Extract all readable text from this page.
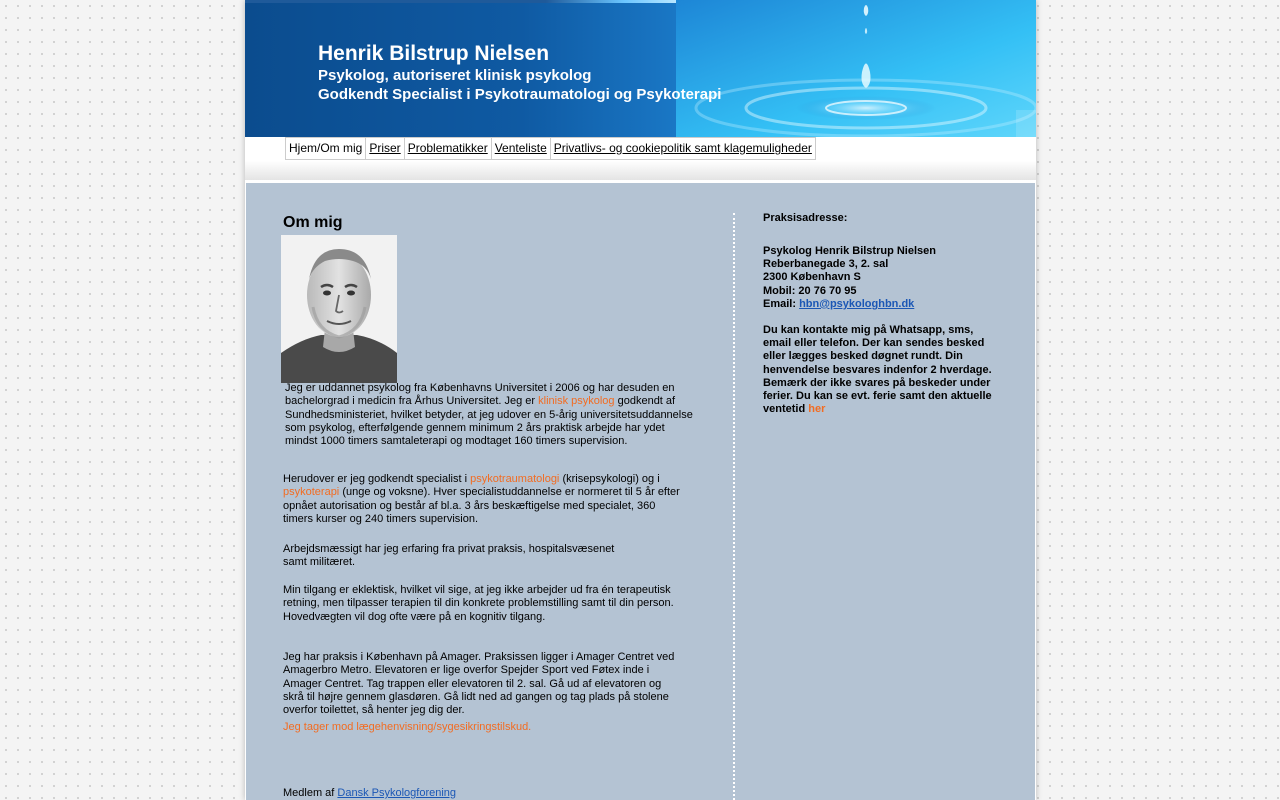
Henrik Bilstrup Nielsen

Psykolog, autoriseret klinisk psykolog

Godkendt Specialist i Psykotraumatologi og Psykoterapi

Hjem/Om mig Priser Problematikker Venteliste Privatlivs- og cookiepolitik samt klagemuligheder
Om mig

Jeg er uddannet psykolog fra Københavns Universitet i 2006 og har desuden en bachelorgrad i medicin fra Århus Universitet. Jeg er klinisk psykolog godkendt af Sundhedsministeriet, hvilket betyder, at jeg udover en 5-årig universitetsuddannelse som psykolog, efterfølgende gennem minimum 2 års praktisk arbejde har ydet mindst 1000 timers samtaleterapi og modtaget 160 timers supervision.

Herudover er jeg godkendt specialist i psykotraumatologi (krisepsykologi) og i psykoterapi (unge og voksne). Hver specialistuddannelse er normeret til 5 år efter opnået autorisation og består af bl.a. 3 års beskæftigelse med specialet, 360 timers kurser og 240 timers supervision.

Arbejdsmæssigt har jeg erfaring fra privat praksis, hospitalsvæsenet
samt militæret.

Min tilgang er eklektisk, hvilket vil sige, at jeg ikke arbejder ud fra én terapeutisk retning, men tilpasser terapien til din konkrete problemstilling samt til din person. Hovedvægten vil dog ofte være på en kognitiv tilgang.

Jeg har praksis i København på Amager. Praksissen ligger i Amager Centret ved Amagerbro Metro. Elevatoren er lige overfor Spejder Sport ved Føtex inde i Amager Centret. Tag trappen eller elevatoren til 2. sal. Gå ud af elevatoren og skrå til højre gennem glasdøren. Gå lidt ned ad gangen og tag plads på stolene overfor toilettet, så henter jeg dig der.

Jeg tager mod lægehenvisning/sygesikringstilskud.

Medlem af Dansk Psykologforening

Praksisadresse:

Psykolog Henrik Bilstrup Nielsen
Reberbanegade 3, 2. sal
2300 København S
Mobil: 20 76 70 95
Email: hbn@psykologhbn.dk

Du kan kontakte mig på Whatsapp, sms, email eller telefon. Der kan sendes besked eller lægges besked døgnet rundt. Din henvendelse besvares indenfor 2 hverdage. Bemærk der ikke svares på beskeder under ferier. Du kan se evt. ferie samt den aktuelle ventetid her
